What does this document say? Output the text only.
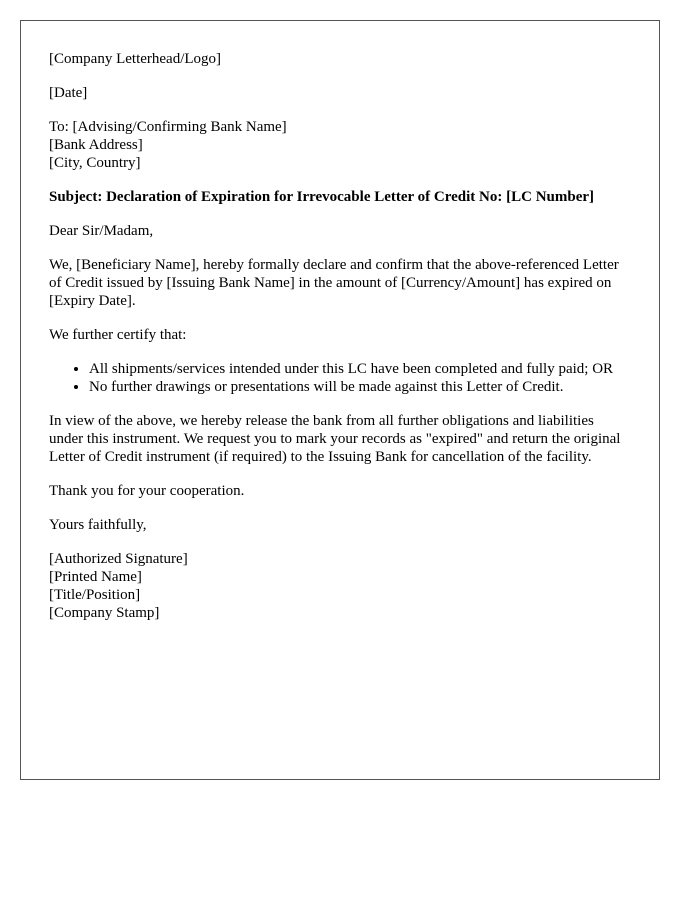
[Company Letterhead/Logo]

[Date]

To: [Advising/Confirming Bank Name]
[Bank Address]
[City, Country]

Subject: Declaration of Expiration for Irrevocable Letter of Credit No: [LC Number]

Dear Sir/Madam,

We, [Beneficiary Name], hereby formally declare and confirm that the above-referenced Letter of Credit issued by [Issuing Bank Name] in the amount of [Currency/Amount] has expired on [Expiry Date].

We further certify that:

• All shipments/services intended under this LC have been completed and fully paid; OR
• No further drawings or presentations will be made against this Letter of Credit.

In view of the above, we hereby release the bank from all further obligations and liabilities under this instrument. We request you to mark your records as "expired" and return the original Letter of Credit instrument (if required) to the Issuing Bank for cancellation of the facility.

Thank you for your cooperation.

Yours faithfully,

[Authorized Signature]
[Printed Name]
[Title/Position]
[Company Stamp]
